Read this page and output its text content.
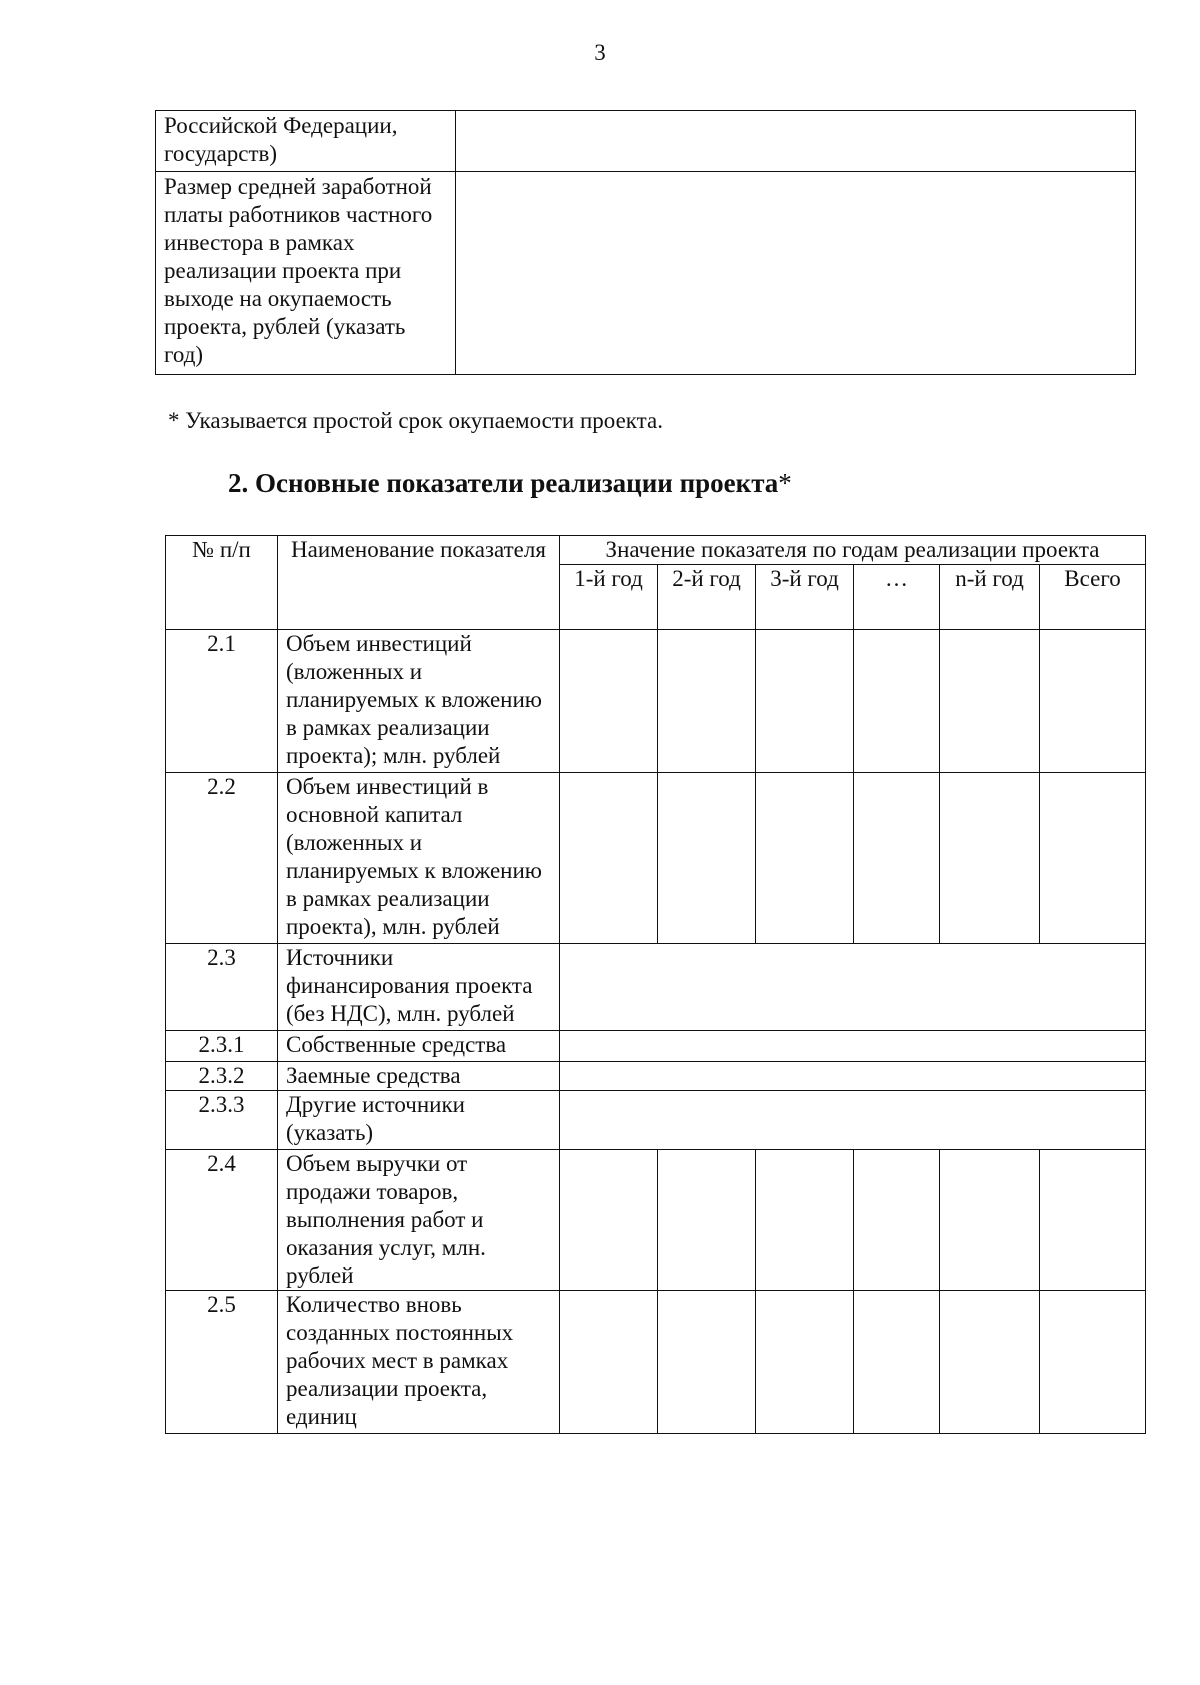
3
Российской Федерации, государств)	
Размер средней заработной платы работников частного инвестора в рамках реализации проекта при выходе на окупаемость проекта, рублей (указать год)	
* Указывается простой срок окупаемости проекта.
2. Основные показатели реализации проекта*
№ п/п	Наименование показателя	Значение показателя по годам реализации проекта					
		1-й год	2-й год	3-й год	…	n-й год	Всего
2.1	Объем инвестиций (вложенных и планируемых к вложению в рамках реализации проекта); млн. рублей						
2.2	Объем инвестиций в основной капитал (вложенных и планируемых к вложению в рамках реализации проекта), млн. рублей						
2.3	Источники финансирования проекта (без НДС), млн. рублей						
2.3.1	Собственные средства						
2.3.2	Заемные средства						
2.3.3	Другие источники (указать)						
2.4	Объем выручки от продажи товаров, выполнения работ и оказания услуг, млн. рублей						
2.5	Количество вновь созданных постоянных рабочих мест в рамках реализации проекта, единиц						
